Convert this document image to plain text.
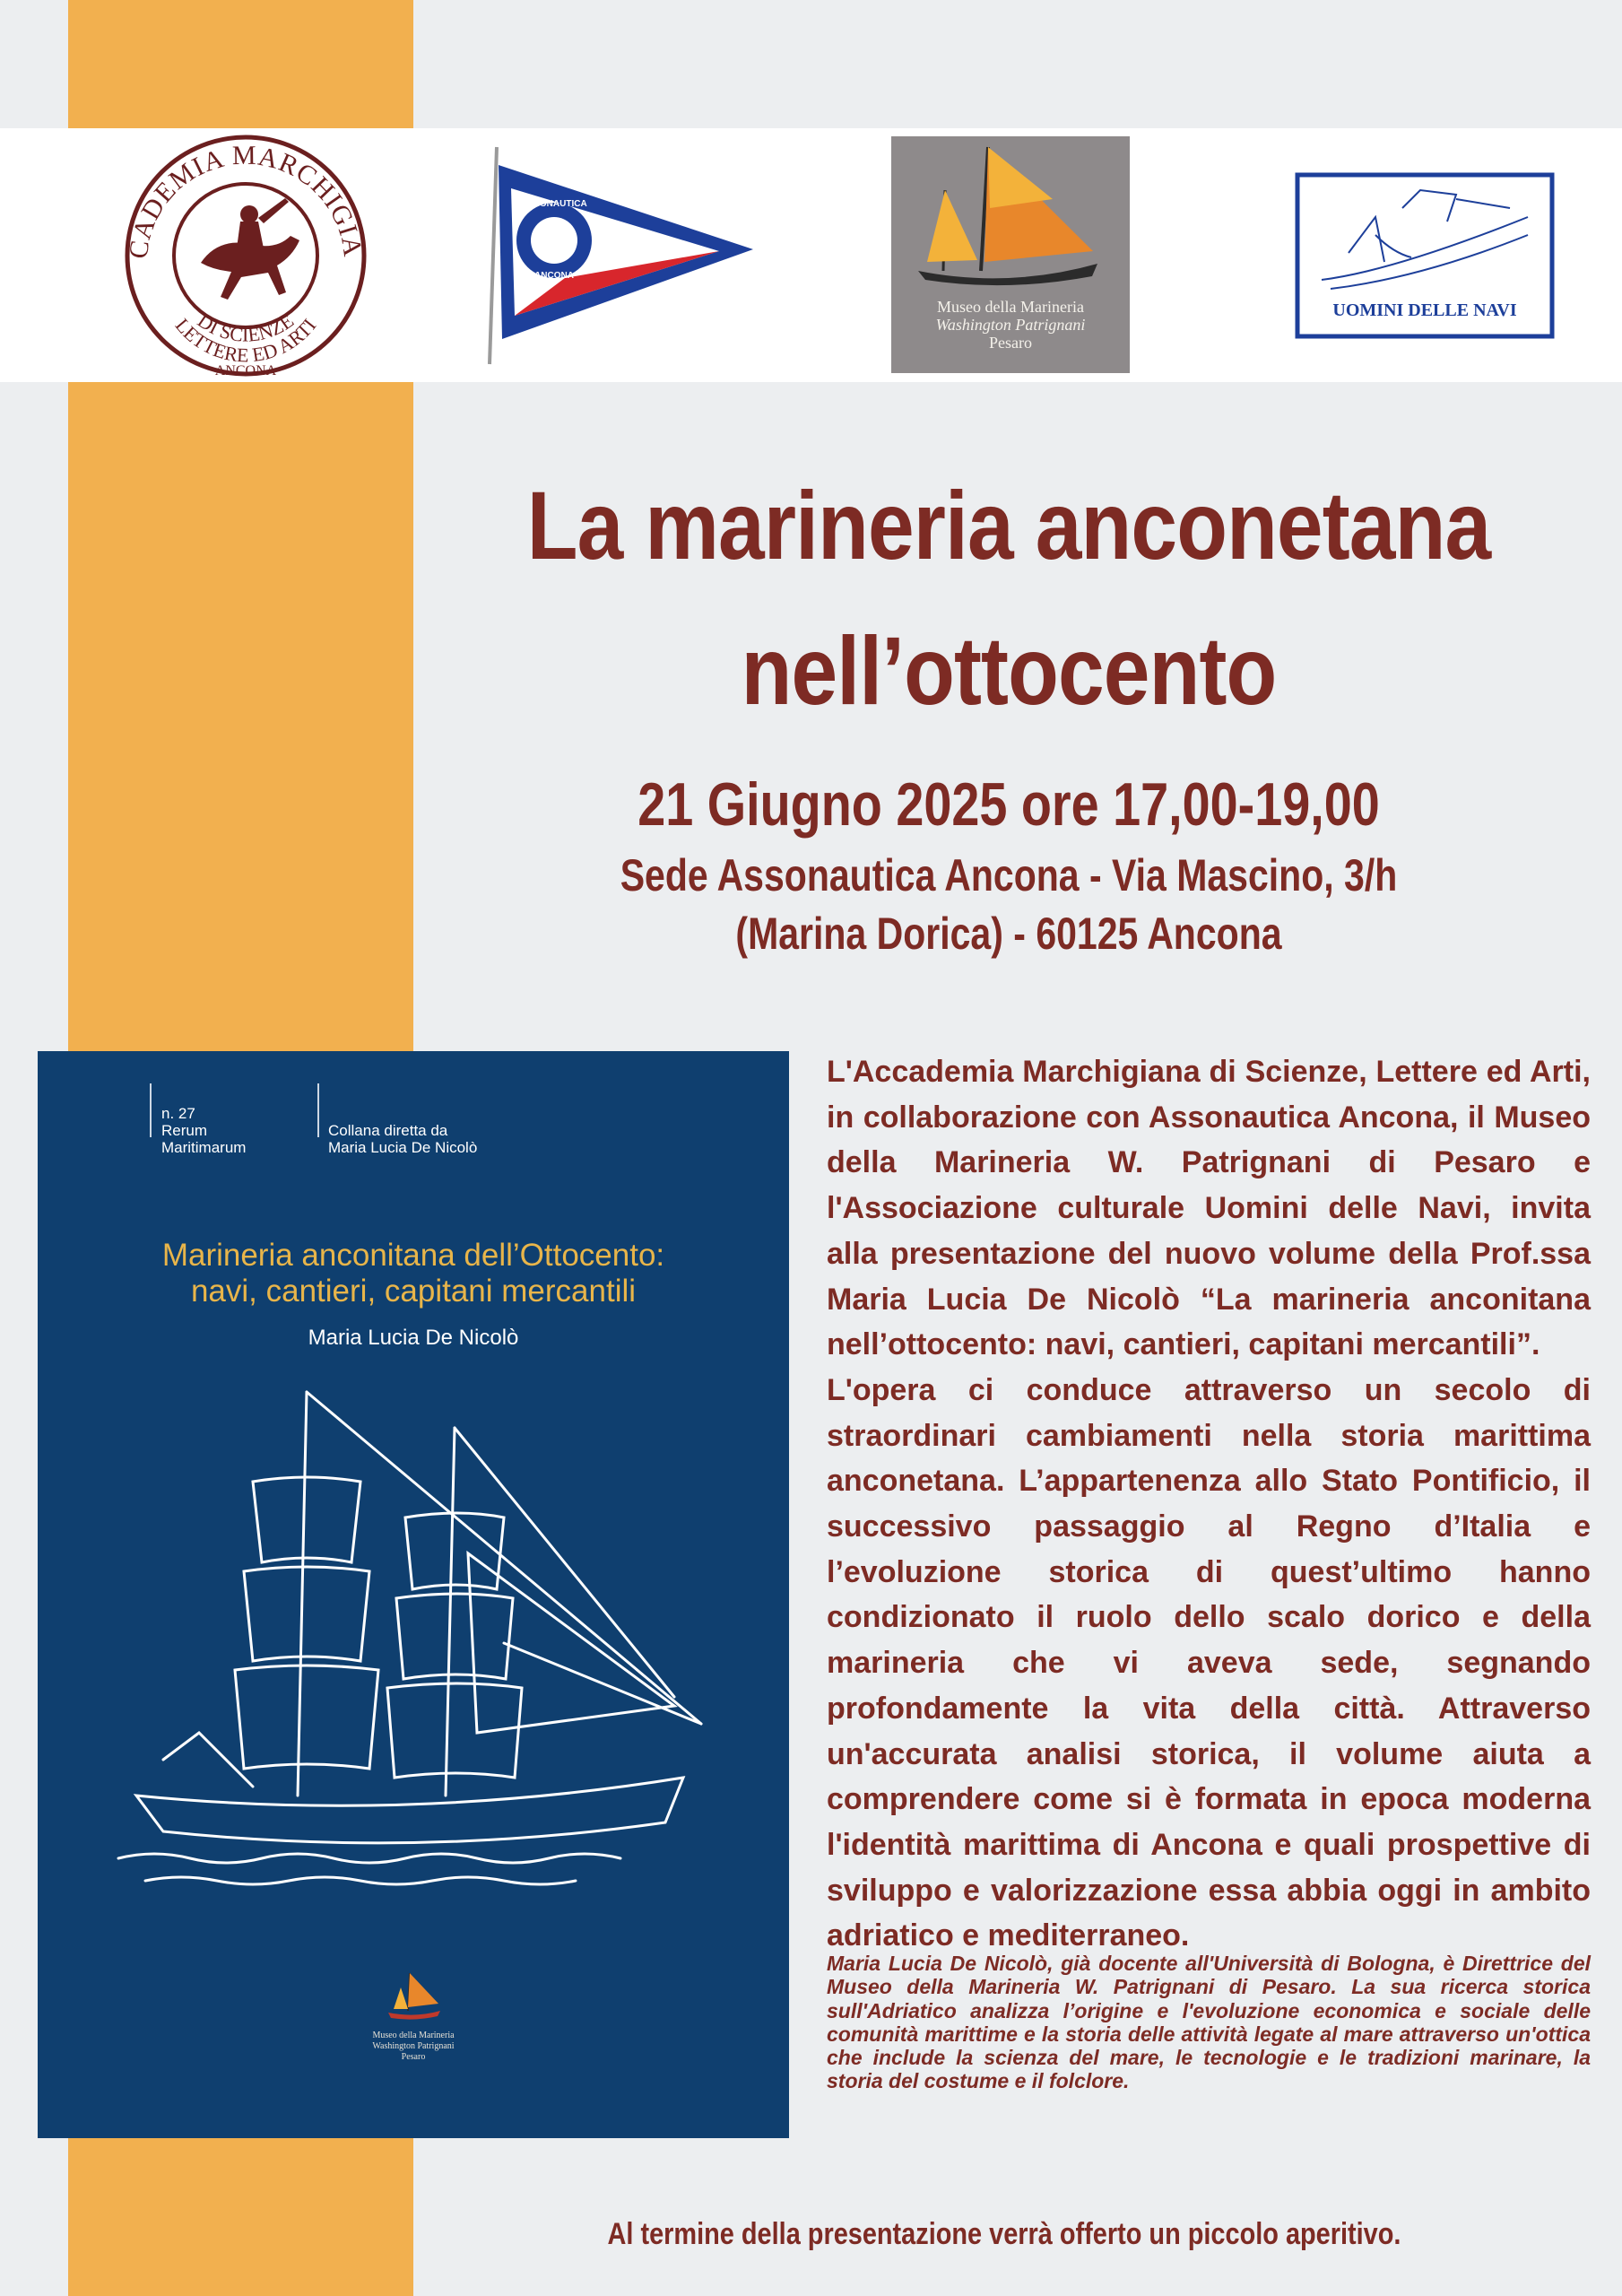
CADEMIA MARCHIGIA
DI SCIENZE
LETTERE ED ARTI
ANCONA
ASSONAUTICA
ANCONA
Museo della Marineria
Washington Patrignani
Pesaro
UOMINI DELLE NAVI
La marineria anconetana
nell’ottocento
21 Giugno 2025 ore 17,00-19,00
Sede Assonautica Ancona - Via Mascino, 3/h
(Marina Dorica) - 60125 Ancona
n. 27
Rerum
Maritimarum
Collana diretta da
Maria Lucia De Nicolò
Marineria anconitana dell’Ottocento:
navi, cantieri, capitani mercantili
Maria Lucia De Nicolò
Museo della Marineria
Washington Patrignani
Pesaro

L'Accademia Marchigiana di Scienze, Lettere ed Arti, in collaborazione con Assonautica Ancona, il Museo della Marineria W. Patrignani di Pesaro e l'Associazione culturale Uomini delle Navi, invita alla presentazione del nuovo volume della Prof.ssa Maria Lucia De Nicolò “La marineria anconitana nell’ottocento: navi, cantieri, capitani mercantili”.

L'opera ci conduce attraverso un secolo di straordinari cambiamenti nella storia marittima anconetana. L’appartenenza allo Stato Pontificio, il successivo passaggio al Regno d’Italia e l’evoluzione storica di quest’ultimo hanno condizionato il ruolo dello scalo dorico e della marineria che vi aveva sede, segnando profondamente la vita della città. Attraverso un'accurata analisi storica, il volume aiuta a comprendere come si è formata in epoca moderna l'identità marittima di Ancona e quali prospettive di sviluppo e valorizzazione essa abbia oggi in ambito adriatico e mediterraneo.

Maria Lucia De Nicolò, già docente all'Università di Bologna, è Direttrice del Museo della Marineria W. Patrignani di Pesaro. La sua ricerca storica sull'Adriatico analizza l’origine e l'evoluzione economica e sociale delle comunità marittime e la storia delle attività legate al mare attraverso un'ottica che include la scienza del mare, le tecnologie e le tradizioni marinare, la storia del costume e il folclore.
Al termine della presentazione verrà offerto un piccolo aperitivo.
